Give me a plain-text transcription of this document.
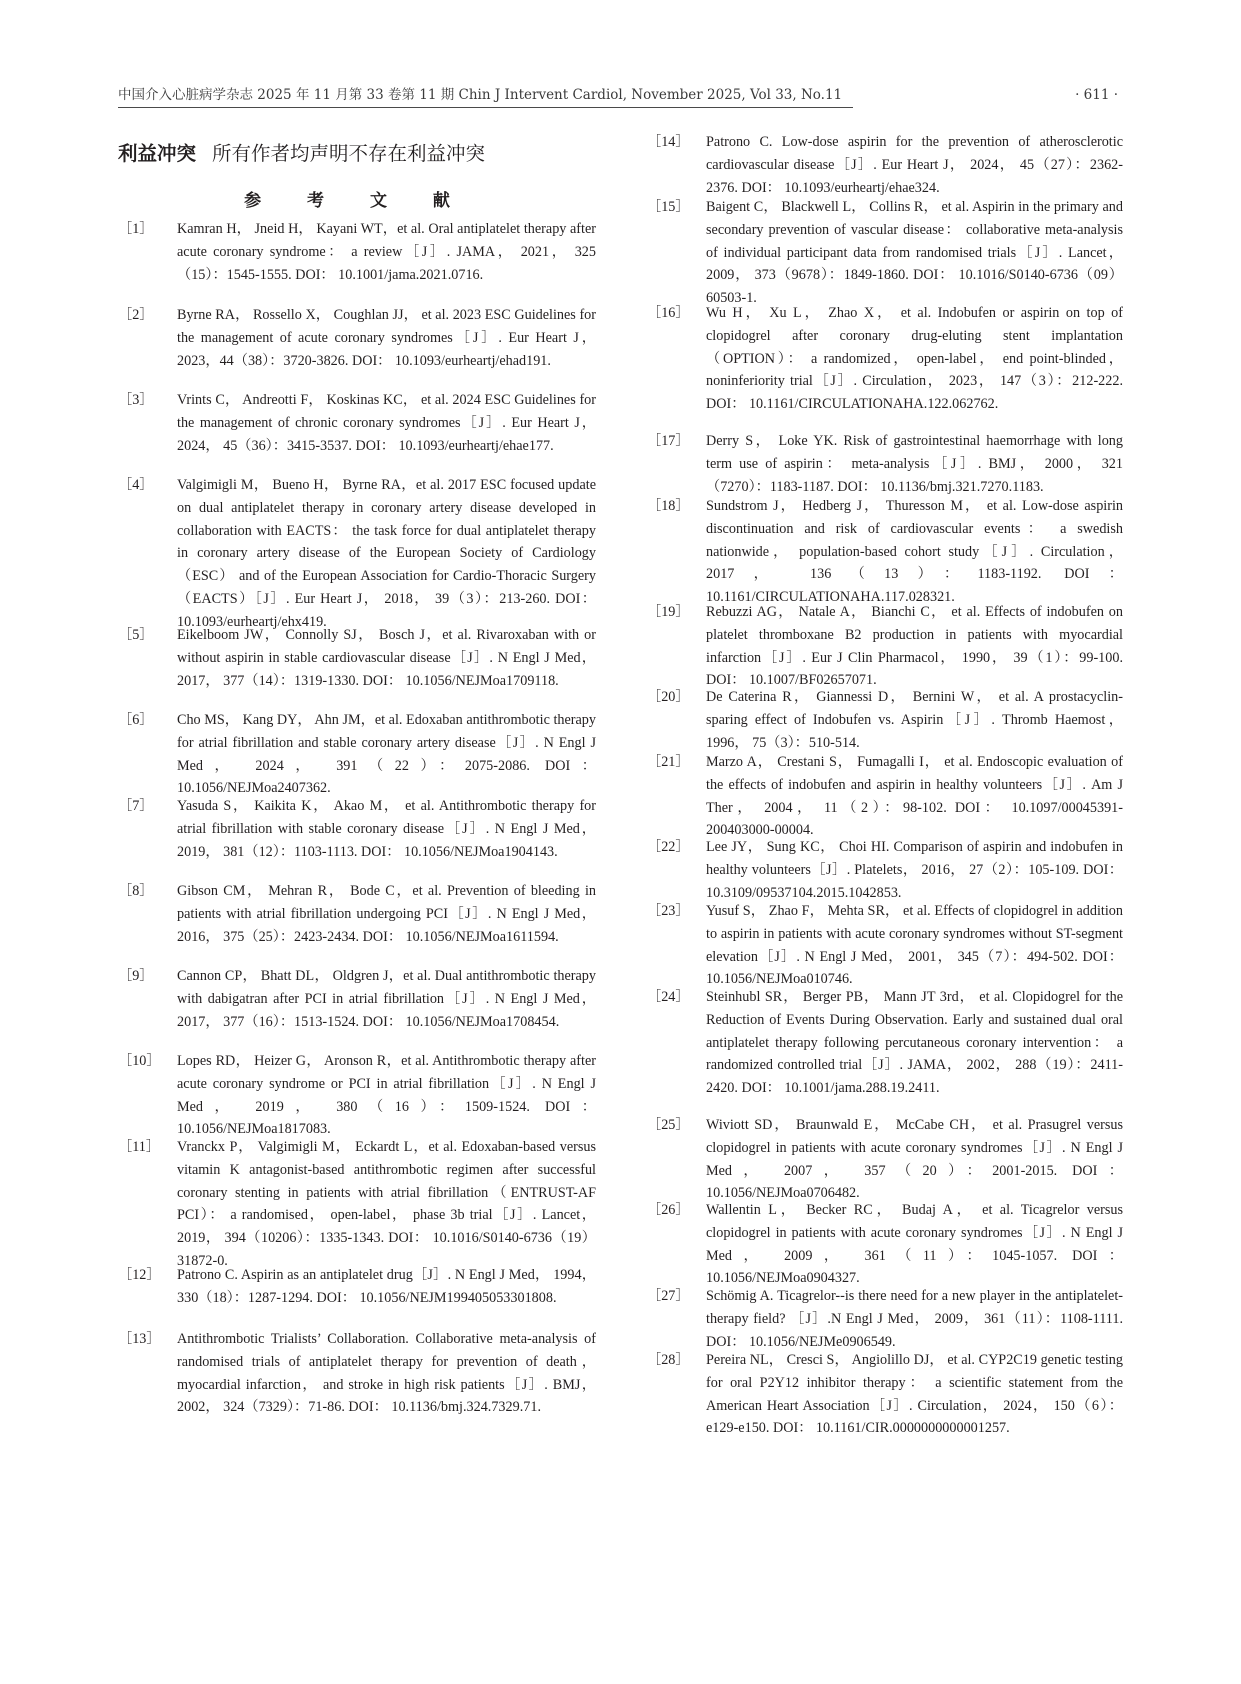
中国介入心脏病学杂志 2025 年 11 月第 33 卷第 11 期 Chin J Intervent Cardiol, November 2025, Vol 33, No.11	· 611 ·
利益冲突 所有作者均声明不存在利益冲突
参 考 文 献
［1］	Kamran H， Jneid H， Kayani WT，et al. Oral antiplatelet therapy after acute coronary syndrome： a review［J］. JAMA， 2021， 325（15）：1545-1555. DOI： 10.1001/jama.2021.0716.
［2］	Byrne RA， Rossello X， Coughlan JJ， et al. 2023 ESC Guidelines for the management of acute coronary syndromes［J］. Eur Heart J， 2023，44（38）：3720-3826. DOI： 10.1093/eurheartj/ehad191.
［3］	Vrints C， Andreotti F， Koskinas KC， et al. 2024 ESC Guidelines for the management of chronic coronary syndromes［J］. Eur Heart J， 2024， 45（36）：3415-3537. DOI： 10.1093/eurheartj/ehae177.
［4］	Valgimigli M， Bueno H， Byrne RA，et al. 2017 ESC focused update on dual antiplatelet therapy in coronary artery disease developed in collaboration with EACTS： the task force for dual antiplatelet therapy in coronary artery disease of the European Society of Cardiology （ESC） and of the European Association for Cardio-Thoracic Surgery （EACTS）［J］. Eur Heart J， 2018， 39（3）：213-260. DOI： 10.1093/eurheartj/ehx419.
［5］	Eikelboom JW， Connolly SJ， Bosch J，et al. Rivaroxaban with or without aspirin in stable cardiovascular disease［J］. N Engl J Med， 2017， 377（14）：1319-1330. DOI： 10.1056/NEJMoa1709118.
［6］	Cho MS， Kang DY， Ahn JM，et al. Edoxaban antithrombotic therapy for atrial fibrillation and stable coronary artery disease［J］. N Engl J Med， 2024， 391（22）：2075-2086. DOI： 10.1056/NEJMoa2407362.
［7］	Yasuda S， Kaikita K， Akao M， et al. Antithrombotic therapy for atrial fibrillation with stable coronary disease［J］. N Engl J Med， 2019， 381（12）：1103-1113. DOI： 10.1056/NEJMoa1904143.
［8］	Gibson CM， Mehran R， Bode C，et al. Prevention of bleeding in patients with atrial fibrillation undergoing PCI［J］. N Engl J Med， 2016， 375（25）：2423-2434. DOI： 10.1056/NEJMoa1611594.
［9］	Cannon CP， Bhatt DL， Oldgren J，et al. Dual antithrombotic therapy with dabigatran after PCI in atrial fibrillation［J］. N Engl J Med， 2017， 377（16）：1513-1524. DOI： 10.1056/NEJMoa1708454.
［10］	Lopes RD， Heizer G， Aronson R，et al. Antithrombotic therapy after acute coronary syndrome or PCI in atrial fibrillation［J］. N Engl J Med， 2019， 380（16）：1509-1524. DOI： 10.1056/NEJMoa1817083.
［11］	Vranckx P， Valgimigli M， Eckardt L，et al. Edoxaban-based versus vitamin K antagonist-based antithrombotic regimen after successful coronary stenting in patients with atrial fibrillation（ENTRUST-AF PCI）： a randomised， open-label， phase 3b trial［J］. Lancet， 2019， 394（10206）：1335-1343. DOI： 10.1016/S0140-6736（19）31872-0.
［12］	Patrono C. Aspirin as an antiplatelet drug［J］. N Engl J Med， 1994， 330（18）：1287-1294. DOI： 10.1056/NEJM199405053301808.
［13］	Antithrombotic Trialists’ Collaboration. Collaborative meta-analysis of randomised trials of antiplatelet therapy for prevention of death， myocardial infarction， and stroke in high risk patients［J］. BMJ， 2002， 324（7329）：71-86. DOI： 10.1136/bmj.324.7329.71.
［14］	Patrono C. Low-dose aspirin for the prevention of atherosclerotic cardiovascular disease［J］. Eur Heart J， 2024， 45（27）：2362-2376. DOI： 10.1093/eurheartj/ehae324.
［15］	Baigent C， Blackwell L， Collins R， et al. Aspirin in the primary and secondary prevention of vascular disease： collaborative meta-analysis of individual participant data from randomised trials［J］. Lancet， 2009， 373（9678）：1849-1860. DOI： 10.1016/S0140-6736（09）60503-1.
［16］	Wu H， Xu L， Zhao X， et al. Indobufen or aspirin on top of clopidogrel after coronary drug-eluting stent implantation （OPTION）： a randomized， open-label， end point-blinded， noninferiority trial［J］. Circulation， 2023， 147（3）：212-222. DOI： 10.1161/CIRCULATIONAHA.122.062762.
［17］	Derry S， Loke YK. Risk of gastrointestinal haemorrhage with long term use of aspirin： meta-analysis［J］. BMJ， 2000， 321（7270）：1183-1187. DOI： 10.1136/bmj.321.7270.1183.
［18］	Sundstrom J， Hedberg J， Thuresson M， et al. Low-dose aspirin discontinuation and risk of cardiovascular events： a swedish nationwide， population-based cohort study［J］. Circulation， 2017， 136（13）：1183-1192. DOI： 10.1161/CIRCULATIONAHA.117.028321.
［19］	Rebuzzi AG， Natale A， Bianchi C， et al. Effects of indobufen on platelet thromboxane B2 production in patients with myocardial infarction［J］. Eur J Clin Pharmacol， 1990， 39（1）：99-100. DOI： 10.1007/BF02657071.
［20］	De Caterina R， Giannessi D， Bernini W， et al. A prostacyclin-sparing effect of Indobufen vs. Aspirin［J］. Thromb Haemost， 1996， 75（3）：510-514.
［21］	Marzo A， Crestani S， Fumagalli I， et al. Endoscopic evaluation of the effects of indobufen and aspirin in healthy volunteers［J］. Am J Ther， 2004， 11（2）：98-102. DOI： 10.1097/00045391-200403000-00004.
［22］	Lee JY， Sung KC， Choi HI. Comparison of aspirin and indobufen in healthy volunteers［J］. Platelets， 2016， 27（2）：105-109. DOI： 10.3109/09537104.2015.1042853.
［23］	Yusuf S， Zhao F， Mehta SR， et al. Effects of clopidogrel in addition to aspirin in patients with acute coronary syndromes without ST-segment elevation［J］. N Engl J Med， 2001， 345（7）：494-502. DOI： 10.1056/NEJMoa010746.
［24］	Steinhubl SR， Berger PB， Mann JT 3rd， et al. Clopidogrel for the Reduction of Events During Observation. Early and sustained dual oral antiplatelet therapy following percutaneous coronary intervention： a randomized controlled trial［J］. JAMA， 2002， 288（19）：2411-2420. DOI： 10.1001/jama.288.19.2411.
［25］	Wiviott SD， Braunwald E， McCabe CH， et al. Prasugrel versus clopidogrel in patients with acute coronary syndromes［J］. N Engl J Med， 2007， 357（20）：2001-2015. DOI： 10.1056/NEJMoa0706482.
［26］	Wallentin L， Becker RC， Budaj A， et al. Ticagrelor versus clopidogrel in patients with acute coronary syndromes［J］. N Engl J Med， 2009， 361（11）：1045-1057. DOI： 10.1056/NEJMoa0904327.
［27］	Schömig A. Ticagrelor--is there need for a new player in the antiplatelet-therapy field? ［J］.N Engl J Med， 2009， 361（11）：1108-1111. DOI： 10.1056/NEJMe0906549.
［28］	Pereira NL， Cresci S， Angiolillo DJ， et al. CYP2C19 genetic testing for oral P2Y12 inhibitor therapy： a scientific statement from the American Heart Association［J］. Circulation， 2024， 150（6）：e129-e150. DOI： 10.1161/CIR.0000000000001257.
